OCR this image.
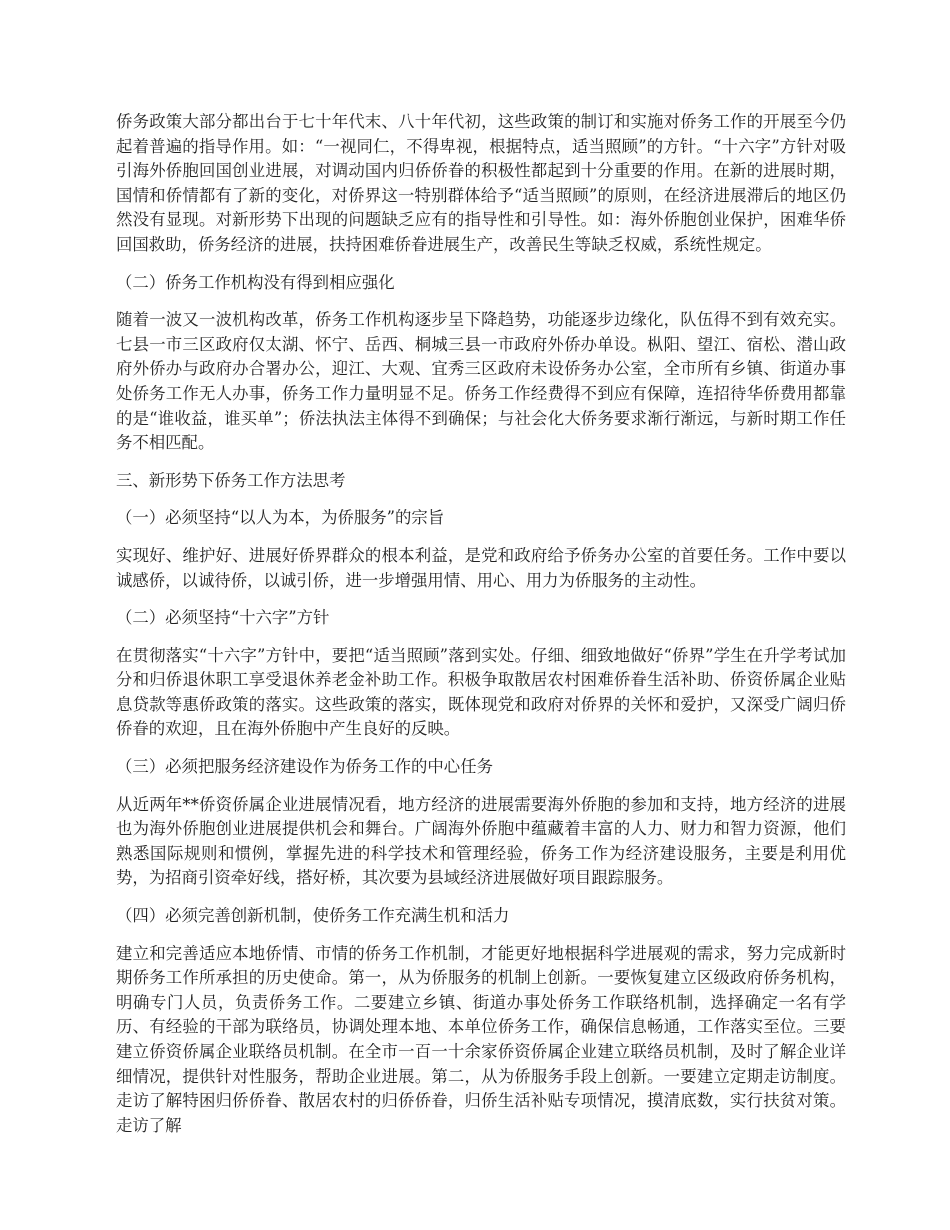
侨务政策大部分都出台于七十年代末、八十年代初，这些政策的制订和实施对侨务工作的开展至今仍起着普遍的指导作用。如：“一视同仁，不得卑视，根据特点，适当照顾”的方针。“十六字”方针对吸引海外侨胞回国创业进展，对调动国内归侨侨眷的积极性都起到十分重要的作用。在新的进展时期，国情和侨情都有了新的变化，对侨界这一特别群体给予“适当照顾”的原则，在经济进展滞后的地区仍然没有显现。对新形势下出现的问题缺乏应有的指导性和引导性。如：海外侨胞创业保护，困难华侨回国救助，侨务经济的进展，扶持困难侨眷进展生产，改善民生等缺乏权威，系统性规定。

（二）侨务工作机构没有得到相应强化

随着一波又一波机构改革，侨务工作机构逐步呈下降趋势，功能逐步边缘化，队伍得不到有效充实。七县一市三区政府仅太湖、怀宁、岳西、桐城三县一市政府外侨办单设。枞阳、望江、宿松、潜山政府外侨办与政府办合署办公，迎江、大观、宜秀三区政府未设侨务办公室，全市所有乡镇、街道办事处侨务工作无人办事，侨务工作力量明显不足。侨务工作经费得不到应有保障，连招待华侨费用都靠的是“谁收益，谁买单”；侨法执法主体得不到确保；与社会化大侨务要求渐行渐远，与新时期工作任务不相匹配。

三、新形势下侨务工作方法思考

（一）必须坚持“以人为本，为侨服务”的宗旨

实现好、维护好、进展好侨界群众的根本利益，是党和政府给予侨务办公室的首要任务。工作中要以诚感侨，以诚待侨，以诚引侨，进一步增强用情、用心、用力为侨服务的主动性。

（二）必须坚持“十六字”方针

在贯彻落实“十六字”方针中，要把“适当照顾”落到实处。仔细、细致地做好“侨界”学生在升学考试加分和归侨退休职工享受退休养老金补助工作。积极争取散居农村困难侨眷生活补助、侨资侨属企业贴息贷款等惠侨政策的落实。这些政策的落实，既体现党和政府对侨界的关怀和爱护，又深受广阔归侨侨眷的欢迎，且在海外侨胞中产生良好的反映。

（三）必须把服务经济建设作为侨务工作的中心任务

从近两年**侨资侨属企业进展情况看，地方经济的进展需要海外侨胞的参加和支持，地方经济的进展也为海外侨胞创业进展提供机会和舞台。广阔海外侨胞中蕴藏着丰富的人力、财力和智力资源，他们熟悉国际规则和惯例，掌握先进的科学技术和管理经验，侨务工作为经济建设服务，主要是利用优势，为招商引资牵好线，搭好桥，其次要为县域经济进展做好项目跟踪服务。

（四）必须完善创新机制，使侨务工作充满生机和活力

建立和完善适应本地侨情、市情的侨务工作机制，才能更好地根据科学进展观的需求，努力完成新时期侨务工作所承担的历史使命。第一，从为侨服务的机制上创新。一要恢复建立区级政府侨务机构，明确专门人员，负责侨务工作。二要建立乡镇、街道办事处侨务工作联络机制，选择确定一名有学历、有经验的干部为联络员，协调处理本地、本单位侨务工作，确保信息畅通，工作落实至位。三要建立侨资侨属企业联络员机制。在全市一百一十余家侨资侨属企业建立联络员机制，及时了解企业详细情况，提供针对性服务，帮助企业进展。第二，从为侨服务手段上创新。一要建立定期走访制度。走访了解特困归侨侨眷、散居农村的归侨侨眷，归侨生活补贴专项情况，摸清底数，实行扶贫对策。走访了解
